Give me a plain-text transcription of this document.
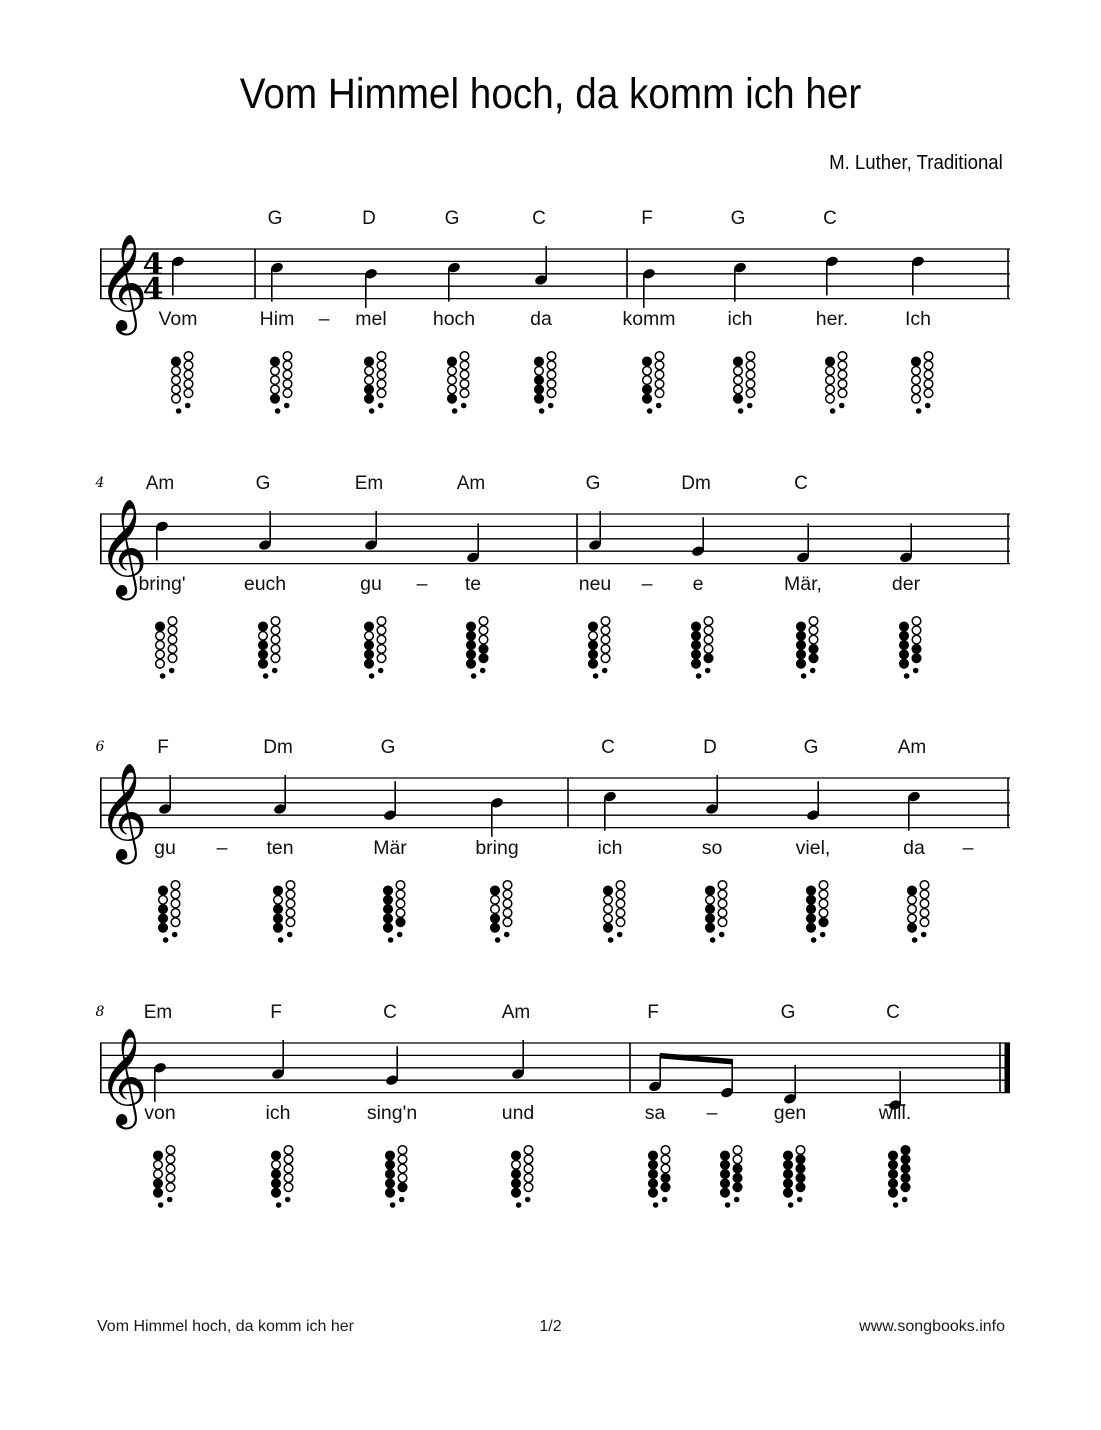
Vom Himmel hoch, da komm ich her
M. Luther, Traditional
𝄞
4
4
Vom
G
Him
D
mel
G
hoch
C
da
F
komm
G
ich
C
her.	Ich
–
𝄞
4 Am
bring'
G
euch
Em
gu
Am
te
G
neu
Dm
e
C
Mär,	der
–	–
𝄞
6	F
gu
Dm
ten
G
Mär	bring
C
ich
D
so
G
viel,
Am
da
–	–
𝄞
8 Em
von
F
ich
C
sing'n
Am
und
F
sa
G
gen
C
will.
–
Vom Himmel hoch, da komm ich her	1/2	www.songbooks.info
